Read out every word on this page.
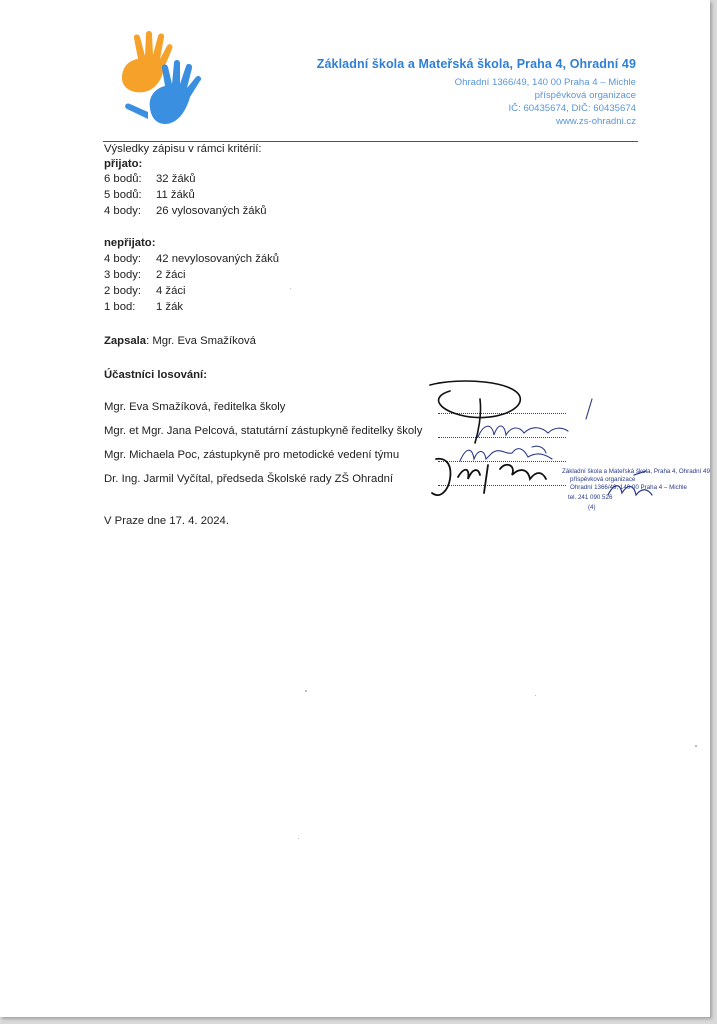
Základní škola a Mateřská škola, Praha 4, Ohradní 49
Ohradní 1366/49, 140 00 Praha 4 – Michle
příspěvková organizace
IČ: 60435674, DIČ: 60435674
www.zs-ohradni.cz
Výsledky zápisu v rámci kritérií:
přijato:
6 bodů: 32 žáků
5 bodů: 11 žáků
4 body: 26 vylosovaných žáků
nepřijato:
4 body: 42 nevylosovaných žáků
3 body: 2 žáci
2 body: 4 žáci
1 bod: 1 žák
Zapsala: Mgr. Eva Smažíková
Účastníci losování:
Mgr. Eva Smažíková, ředitelka školy
Mgr. et Mgr. Jana Pelcová, statutární zástupkyně ředitelky školy
Mgr. Michaela Poc, zástupkyně pro metodické vedení týmu
Dr. Ing. Jarmil Vyčítal, předseda Školské rady ZŠ Ohradní
Základní škola a Mateřská škola, Praha 4, Ohradní 49
příspěvková organizace
Ohradní 1366/49, 140 00 Praha 4 – Michle
tel. 241 090 526
(4)
V Praze dne 17. 4. 2024.
